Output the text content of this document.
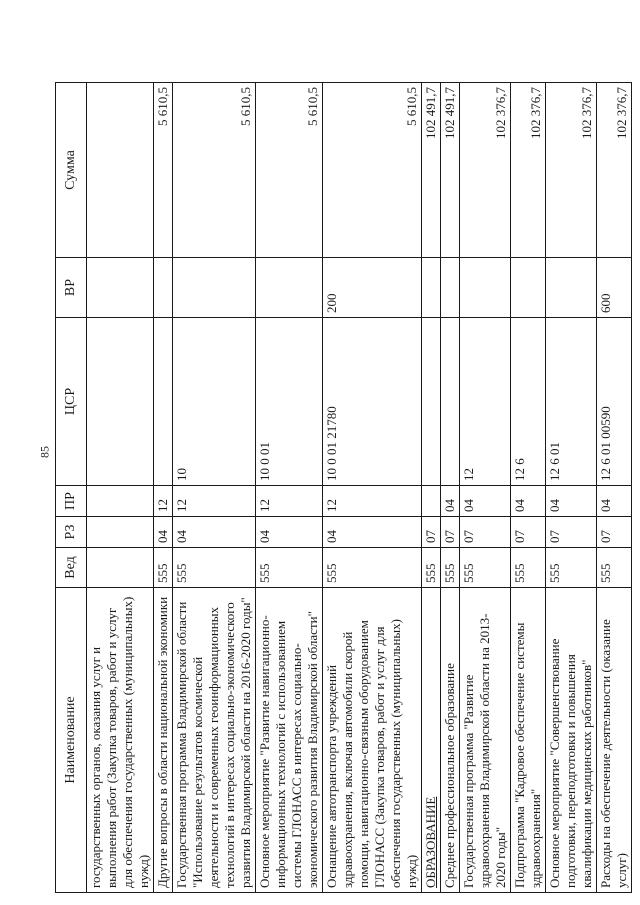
85
Наименование	Вед	РЗ	ПР	ЦСР	ВР	Сумма
государственных органов, оказания услуг и выполнения работ (Закупка товаров, работ и услуг для обеспечения государственных (муниципальных) нужд)						
Другие вопросы в области национальной экономики	555	04	12			5 610,5
Государственная программа Владимирской области "Использование результатов космической деятельности и современных геоинформационных технологий в интересах социально-экономического развития Владимирской области на 2016-2020 годы"	555	04	12	10		5 610,5
Основное мероприятие "Развитие навигационно-информационных технологий с использованием системы ГЛОНАСС в интересах социально-экономического развития Владимирской области"	555	04	12	10 0 01		5 610,5
Оснащение автотранспорта учреждений здравоохранения, включая автомобили скорой помощи, навигационно-связным оборудованием ГЛОНАСС (Закупка товаров, работ и услуг для обеспечения государственных (муниципальных) нужд)	555	04	12	10 0 01 21780	200	5 610,5
ОБРАЗОВАНИЕ	555	07				102 491,7
Среднее профессиональное образование	555	07	04			102 491,7
Государственная программа "Развитие здравоохранения Владимирской области на 2013-2020 годы"	555	07	04	12		102 376,7
Подпрограмма "Кадровое обеспечение системы здравоохранения"	555	07	04	12 6		102 376,7
Основное мероприятие "Совершенствование подготовки, переподготовки и повышения квалификации медицинских работников"	555	07	04	12 6 01		102 376,7
Расходы на обеспечение деятельности (оказание услуг)	555	07	04	12 6 01 00590	600	102 376,7
